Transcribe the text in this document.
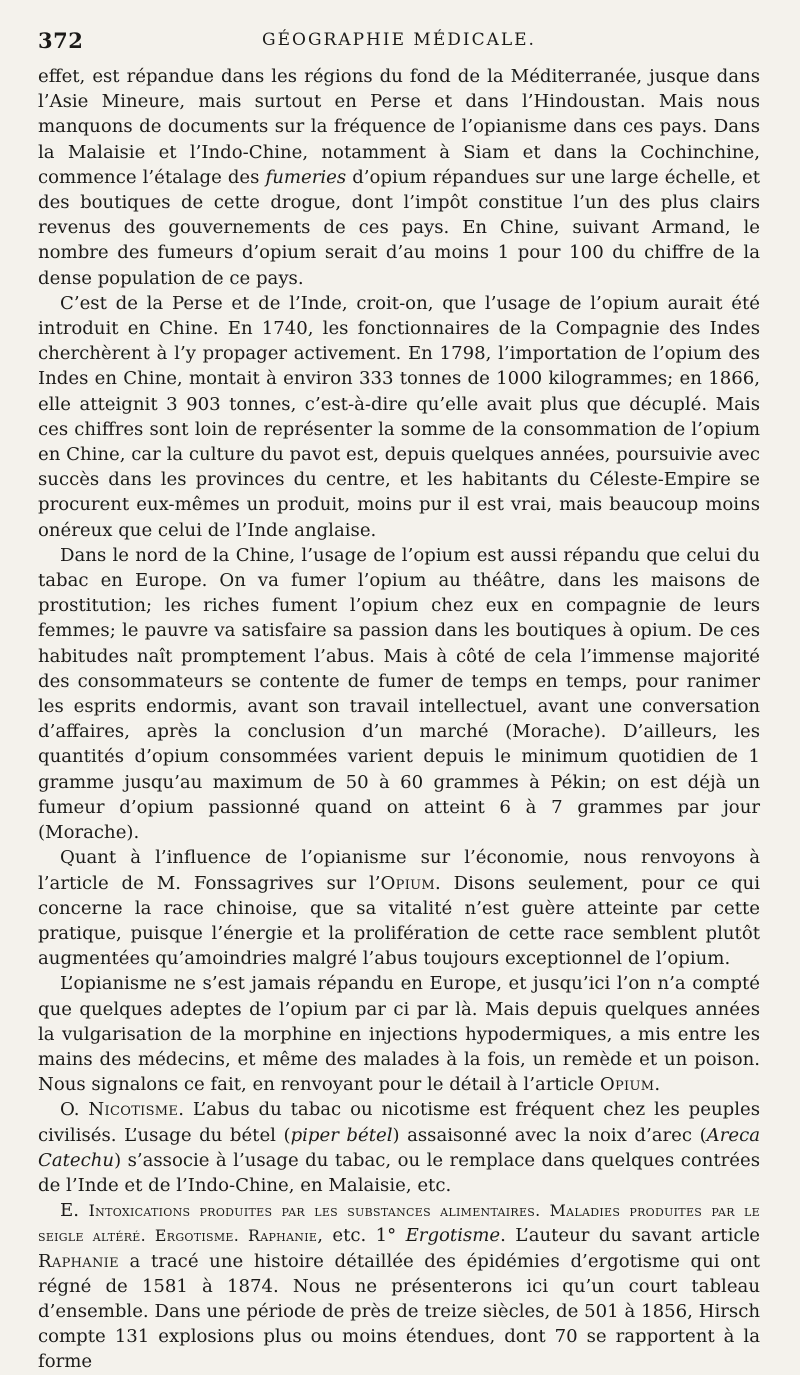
372	GÉOGRAPHIE MÉDICALE.

effet, est répandue dans les régions du fond de la Méditerranée, jusque dans l’Asie Mineure, mais surtout en Perse et dans l’Hindoustan. Mais nous manquons de documents sur la fréquence de l’opianisme dans ces pays. Dans la Malaisie et l’Indo-Chine, notamment à Siam et dans la Cochinchine, commence l’étalage des fumeries d’opium répandues sur une large échelle, et des boutiques de cette drogue, dont l’impôt constitue l’un des plus clairs revenus des gouvernements de ces pays. En Chine, suivant Armand, le nombre des fumeurs d’opium serait d’au moins 1 pour 100 du chiffre de la dense population de ce pays.

C’est de la Perse et de l’Inde, croit-on, que l’usage de l’opium aurait été introduit en Chine. En 1740, les fonctionnaires de la Compagnie des Indes cherchèrent à l’y propager activement. En 1798, l’importation de l’opium des Indes en Chine, montait à environ 333 tonnes de 1000 kilogrammes; en 1866, elle atteignit 3 903 tonnes, c’est-à-dire qu’elle avait plus que décuplé. Mais ces chiffres sont loin de représenter la somme de la consommation de l’opium en Chine, car la culture du pavot est, depuis quelques années, poursuivie avec succès dans les provinces du centre, et les habitants du Céleste-Empire se procurent eux-mêmes un produit, moins pur il est vrai, mais beaucoup moins onéreux que celui de l’Inde anglaise.

Dans le nord de la Chine, l’usage de l’opium est aussi répandu que celui du tabac en Europe. On va fumer l’opium au théâtre, dans les maisons de prostitution; les riches fument l’opium chez eux en compagnie de leurs femmes; le pauvre va satisfaire sa passion dans les boutiques à opium. De ces habitudes naît promptement l’abus. Mais à côté de cela l’immense majorité des consommateurs se contente de fumer de temps en temps, pour ranimer les esprits endormis, avant son travail intellectuel, avant une conversation d’affaires, après la conclusion d’un marché (Morache). D’ailleurs, les quantités d’opium consommées varient depuis le minimum quotidien de 1 gramme jusqu’au maximum de 50 à 60 grammes à Pékin; on est déjà un fumeur d’opium passionné quand on atteint 6 à 7 grammes par jour (Morache).

Quant à l’influence de l’opianisme sur l’économie, nous renvoyons à l’article de M. Fonssagrives sur l’Opium. Disons seulement, pour ce qui concerne la race chinoise, que sa vitalité n’est guère atteinte par cette pratique, puisque l’énergie et la prolifération de cette race semblent plutôt augmentées qu’amoindries malgré l’abus toujours exceptionnel de l’opium.

L’opianisme ne s’est jamais répandu en Europe, et jusqu’ici l’on n’a compté que quelques adeptes de l’opium par ci par là. Mais depuis quelques années la vulgarisation de la morphine en injections hypodermiques, a mis entre les mains des médecins, et même des malades à la fois, un remède et un poison. Nous signalons ce fait, en renvoyant pour le détail à l’article Opium.

O. Nicotisme. L’abus du tabac ou nicotisme est fréquent chez les peuples civilisés. L’usage du bétel (piper bétel) assaisonné avec la noix d’arec (Areca Catechu) s’associe à l’usage du tabac, ou le remplace dans quelques contrées de l’Inde et de l’Indo-Chine, en Malaisie, etc.

E. Intoxications produites par les substances alimentaires. Maladies produites par le seigle altéré. Ergotisme. Raphanie, etc. 1° Ergotisme. L’auteur du savant article Raphanie a tracé une histoire détaillée des épidémies d’ergotisme qui ont régné de 1581 à 1874. Nous ne présenterons ici qu’un court tableau d’ensemble. Dans une période de près de treize siècles, de 501 à 1856, Hirsch compte 131 explosions plus ou moins étendues, dont 70 se rapportent à la forme
